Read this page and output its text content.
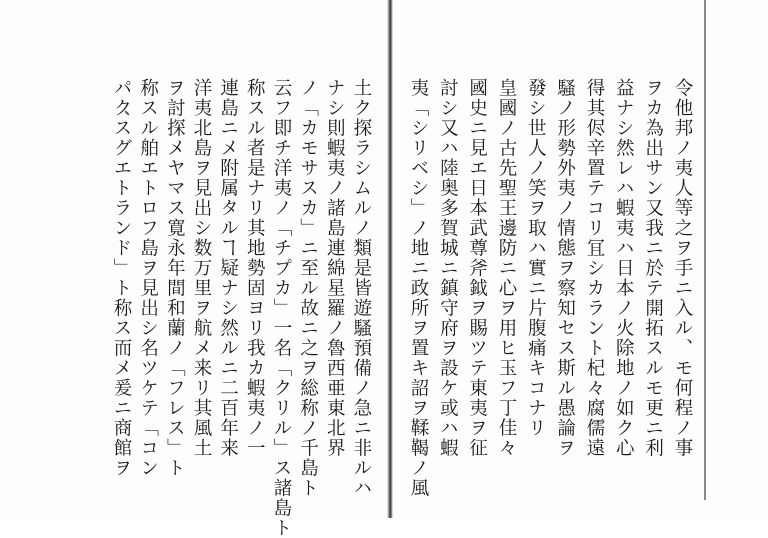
土ク探ラシムルノ類是皆遊騷預備ノ急ニ非ルハ
ナシ則蝦夷ノ諸島連綿星羅ノ魯西亜東北界
ノ「カモサスカ」ニ至ル故ニ之ヲ総称ノ千島ト
云フ即チ洋夷ノ「チプカ」一名「クリル」ス諸島ト
称スル者是ナリ其地勢固ヨリ我カ蝦夷ノ一
連島ニメ附属タルヿ疑ナシ然ルニ二百年来
洋夷北島ヲ見出シ数万里ヲ航メ来リ其風土
ヲ討探メヤマス寛永年間和蘭ノ「フレス」ト
称スル舶エトロフ島ヲ見出シ名ツケテ「コン
パクスグエトランド」ト称ス而メ爰ニ商館ヲ	令他邦ノ夷人等之ヲ手ニ入ル、モ何程ノ事
ヲカ為出サン又我ニ於テ開拓スルモ更ニ利
益ナシ然レハ蝦夷ハ日本ノ火除地ノ如ク心
得其侭辛置テコリ冝シカラント杞々腐儒遠
騷ノ形勢外夷ノ情態ヲ察知セス斯ル愚論ヲ
發シ世人ノ笑ヲ取ハ實ニ片腹痛キコナリ
皇國ノ古先聖王邊防ニ心ヲ用ヒ玉フ丁佳々
國史ニ見エ日本武尊斧鉞ヲ賜ツテ東夷ヲ征
討シ又ハ陸奥多賀城ニ鎮守府ヲ設ケ或ハ蝦
夷「シリベシ」ノ地ニ政所ヲ置キ詔ヲ鞣鞨ノ風
